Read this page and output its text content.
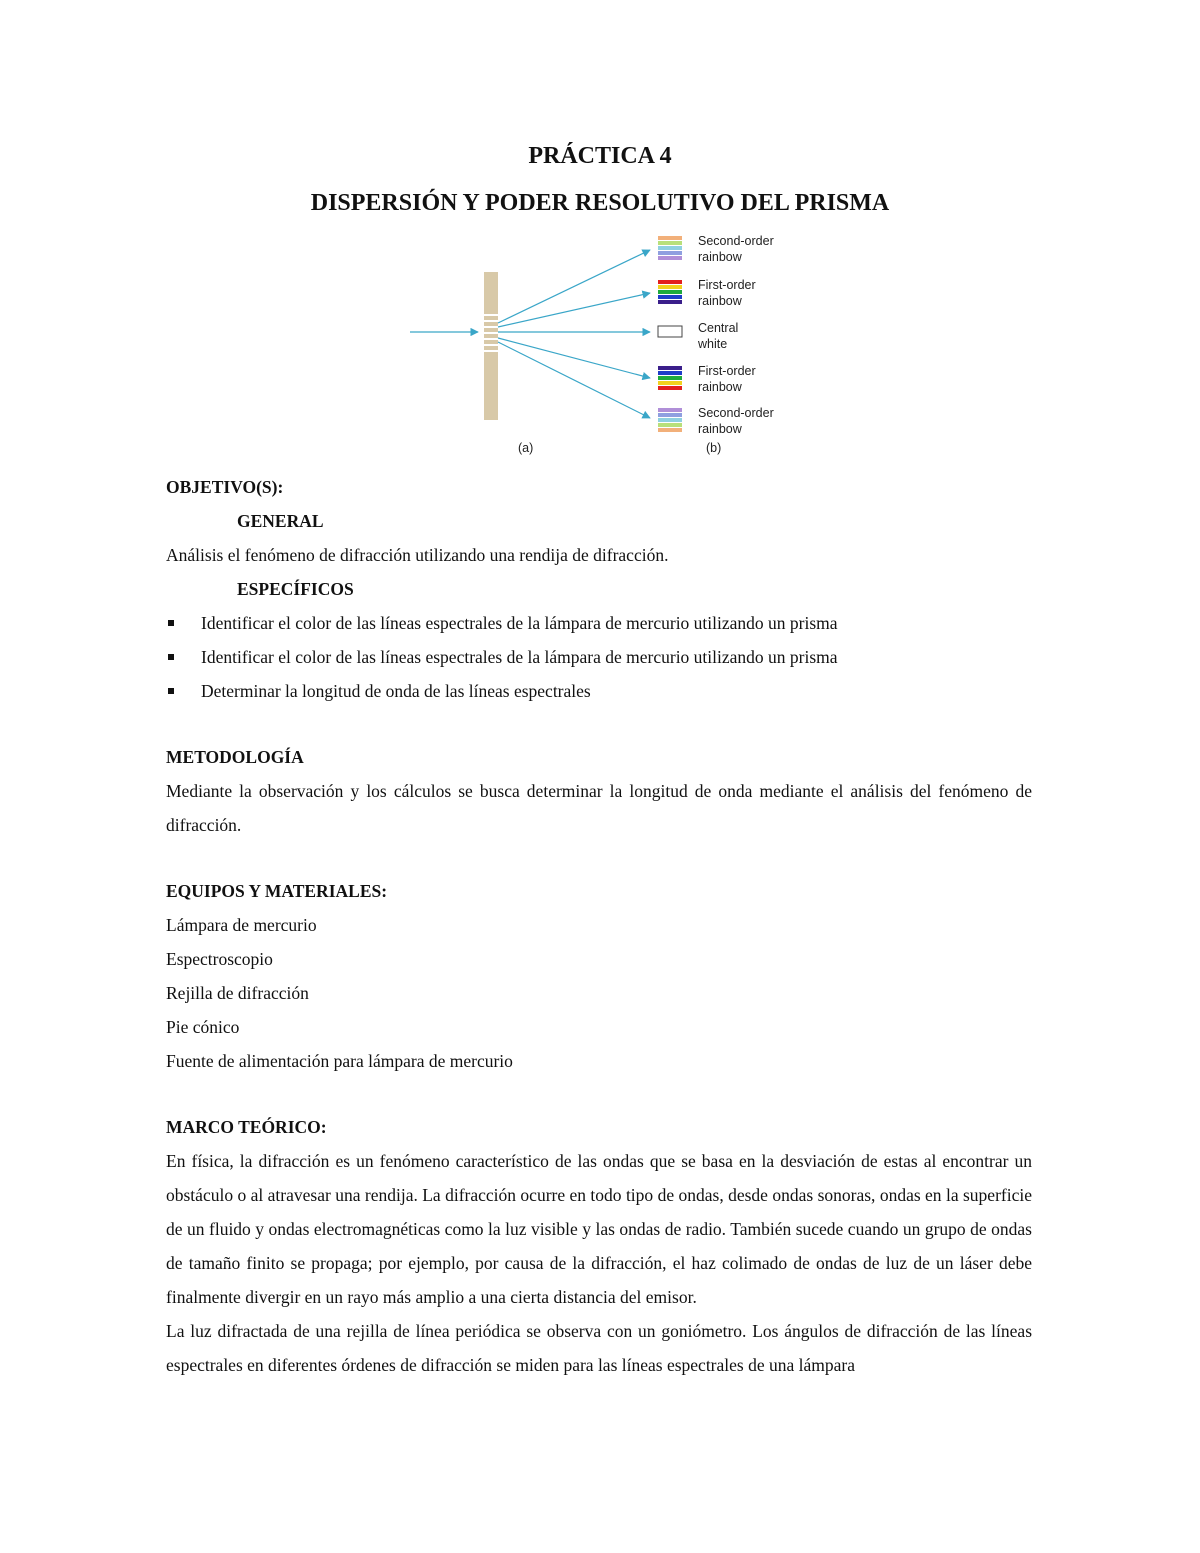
PRÁCTICA 4
DISPERSIÓN Y PODER RESOLUTIVO DEL PRISMA
Second-order
rainbow
First-order
rainbow
Central
white
First-order
rainbow
Second-order
rainbow
(a)	(b)

OBJETIVO(S):

GENERAL

Análisis el fenómeno de difracción utilizando una rendija de difracción.

ESPECÍFICOS

Identificar el color de las líneas espectrales de la lámpara de mercurio utilizando un prisma
Identificar el color de las líneas espectrales de la lámpara de mercurio utilizando un prisma
Determinar la longitud de onda de las líneas espectrales

METODOLOGÍA

Mediante la observación y los cálculos se busca determinar la longitud de onda mediante el análisis del fenómeno de difracción.

EQUIPOS Y MATERIALES:

Lámpara de mercurio

Espectroscopio

Rejilla de difracción

Pie cónico

Fuente de alimentación para lámpara de mercurio

MARCO TEÓRICO:

En física, la difracción es un fenómeno característico de las ondas que se basa en la desviación de estas al encontrar un obstáculo o al atravesar una rendija. La difracción ocurre en todo tipo de ondas, desde ondas sonoras, ondas en la superficie de un fluido y ondas electromagnéticas como la luz visible y las ondas de radio. También sucede cuando un grupo de ondas de tamaño finito se propaga; por ejemplo, por causa de la difracción, el haz colimado de ondas de luz de un láser debe finalmente divergir en un rayo más amplio a una cierta distancia del emisor.

La luz difractada de una rejilla de línea periódica se observa con un goniómetro. Los ángulos de difracción de las líneas espectrales en diferentes órdenes de difracción se miden para las líneas espectrales de una lámpara
